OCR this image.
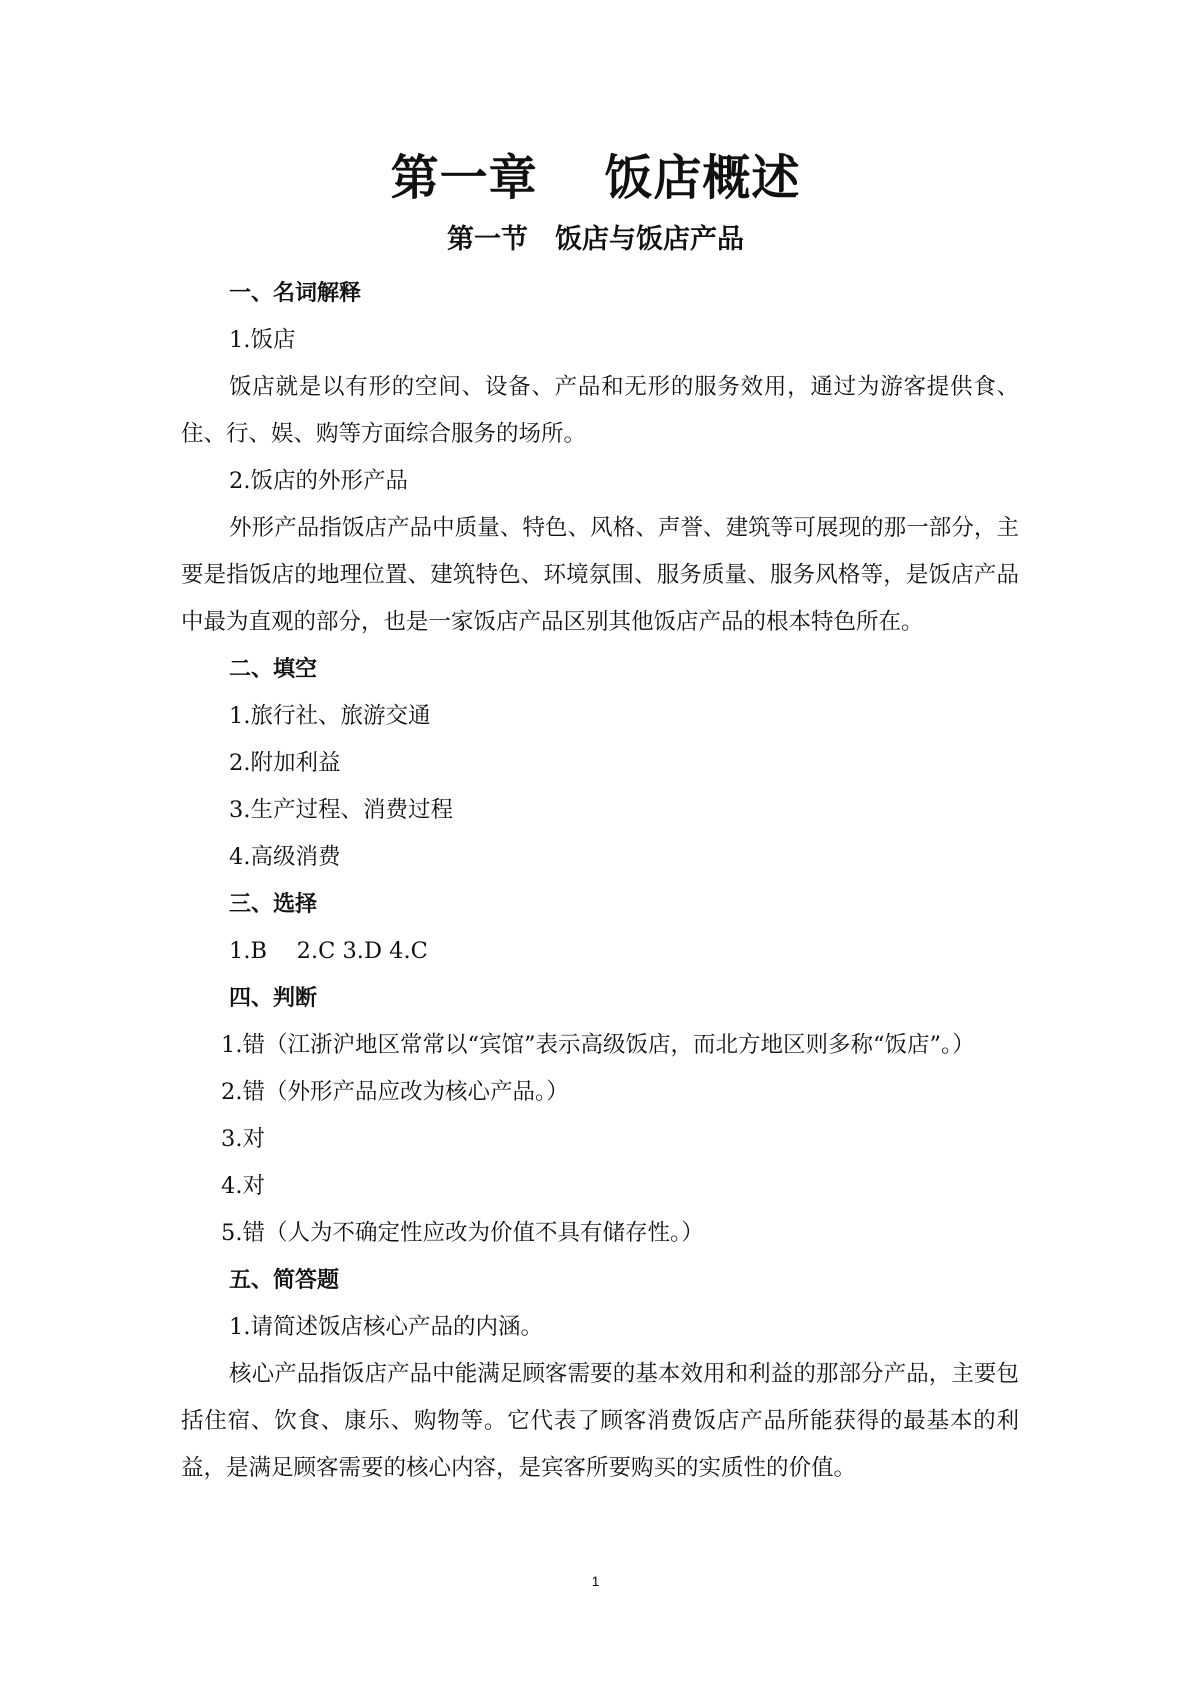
第一章　 饭店概述
第一节　饭店与饭店产品

一、名词解释

1.饭店

饭店就是以有形的空间、设备、产品和无形的服务效用，通过为游客提供食、住、行、娱、购等方面综合服务的场所。

2.饭店的外形产品

外形产品指饭店产品中质量、特色、风格、声誉、建筑等可展现的那一部分，主要是指饭店的地理位置、建筑特色、环境氛围、服务质量、服务风格等，是饭店产品中最为直观的部分，也是一家饭店产品区别其他饭店产品的根本特色所在。

二、填空

1.旅行社、旅游交通

2.附加利益

3.生产过程、消费过程

4.高级消费

三、选择

1.B　 2.C 3.D 4.C

四、判断

1.错（江浙沪地区常常以“宾馆”表示高级饭店，而北方地区则多称“饭店”。）

2.错（外形产品应改为核心产品。）

3.对

4.对

5.错（人为不确定性应改为价值不具有储存性。）

五、简答题

1.请简述饭店核心产品的内涵。

核心产品指饭店产品中能满足顾客需要的基本效用和利益的那部分产品，主要包括住宿、饮食、康乐、购物等。它代表了顾客消费饭店产品所能获得的最基本的利益，是满足顾客需要的核心内容，是宾客所要购买的实质性的价值。

1
